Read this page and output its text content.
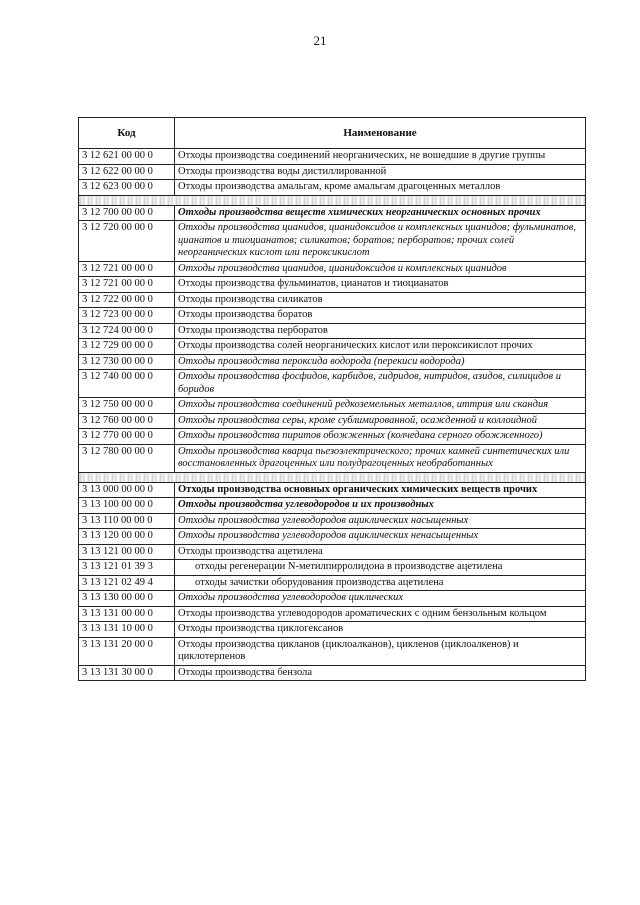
21
Код	Наименование
3 12 621 00 00 0	Отходы производства соединений неорганических, не вошедшие в другие группы
3 12 622 00 00 0	Отходы производства воды дистиллированной
3 12 623 00 00 0	Отходы производства амальгам, кроме амальгам драгоценных металлов

3 12 700 00 00 0	Отходы производства веществ химических неорганических основных прочих
3 12 720 00 00 0	Отходы производства цианидов, цианидоксидов и комплексных цианидов; фульминатов, цианатов и тиоцианатов; силикатов; боратов; перборатов; прочих солей неорганических кислот или пероксикислот
3 12 721 00 00 0	Отходы производства цианидов, цианидоксидов и комплексных цианидов
3 12 721 00 00 0	Отходы производства фульминатов, цианатов и тиоцианатов
3 12 722 00 00 0	Отходы производства силикатов
3 12 723 00 00 0	Отходы производства боратов
3 12 724 00 00 0	Отходы производства перборатов
3 12 729 00 00 0	Отходы производства солей неорганических кислот или пероксикислот прочих
3 12 730 00 00 0	Отходы производства пероксида водорода (перекиси водорода)
3 12 740 00 00 0	Отходы производства фосфидов, карбидов, гидридов, нитридов, азидов, силицидов и боридов
3 12 750 00 00 0	Отходы производства соединений редкоземельных металлов, иттрия или скандия
3 12 760 00 00 0	Отходы производства серы, кроме сублимированной, осажденной и коллоидной
3 12 770 00 00 0	Отходы производства пиритов обожженных (колчедана серного обожженного)
3 12 780 00 00 0	Отходы производства кварца пьезоэлектрического; прочих камней синтетических или восстановленных драгоценных или полудрагоценных необработанных

3 13 000 00 00 0	Отходы производства основных органических химических веществ прочих
3 13 100 00 00 0	Отходы производства углеводородов и их производных
3 13 110 00 00 0	Отходы производства углеводородов ациклических насыщенных
3 13 120 00 00 0	Отходы производства углеводородов ациклических ненасыщенных
3 13 121 00 00 0	Отходы производства ацетилена
3 13 121 01 39 3	отходы регенерации N-метилпирролидона в производстве ацетилена
3 13 121 02 49 4	отходы зачистки оборудования производства ацетилена
3 13 130 00 00 0	Отходы производства углеводородов циклических
3 13 131 00 00 0	Отходы производства углеводородов ароматических с одним бензольным кольцом
3 13 131 10 00 0	Отходы производства циклогексанов
3 13 131 20 00 0	Отходы производства цикланов (циклоалканов), цикленов (циклоалкенов) и циклотерпенов
3 13 131 30 00 0	Отходы производства бензола
